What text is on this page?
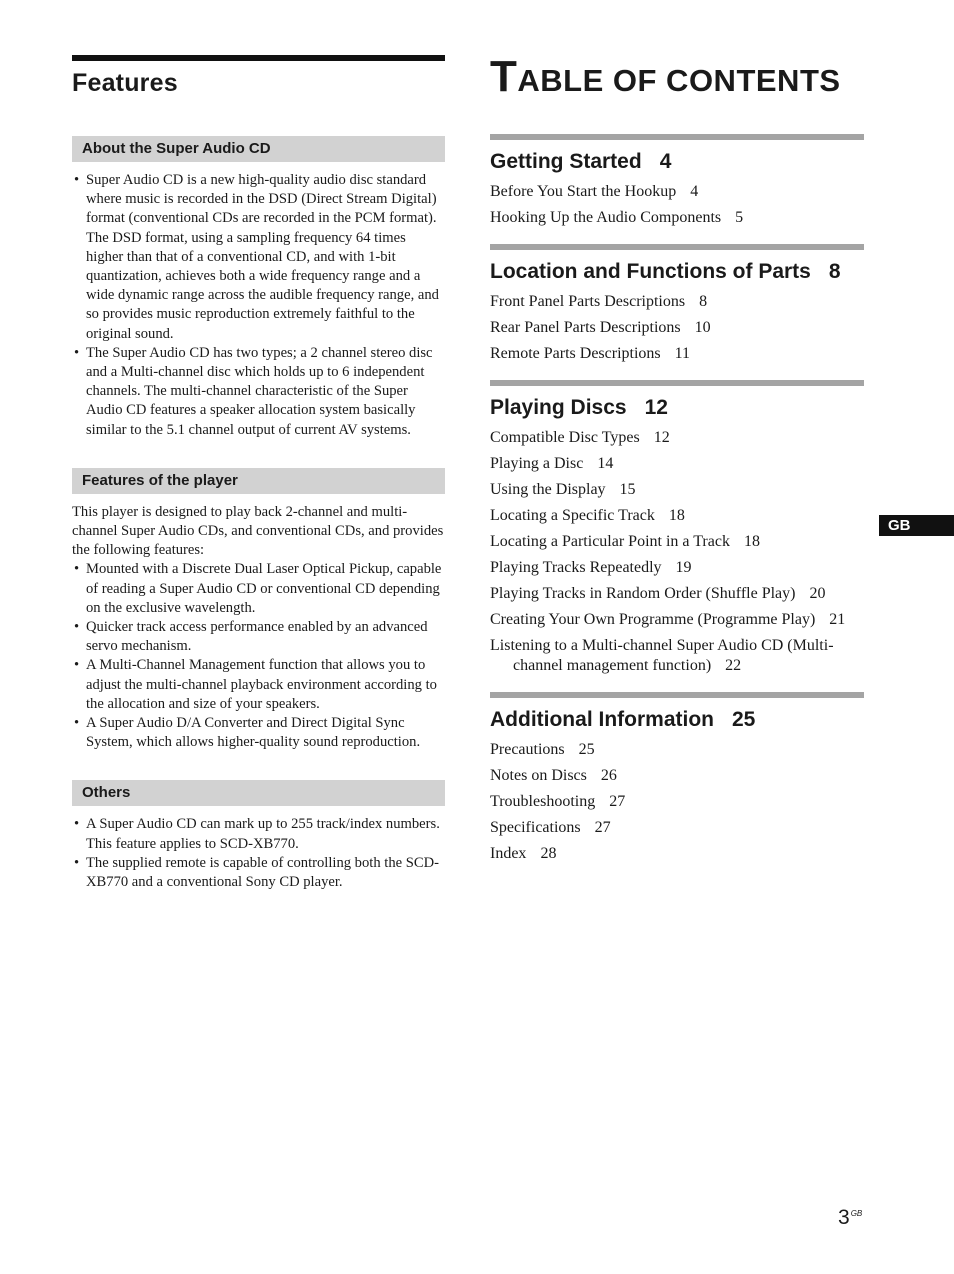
Features
About the Super Audio CD
• Super Audio CD is a new high-quality audio disc standard where music is recorded in the DSD (Direct Stream Digital) format (conventional CDs are recorded in the PCM format). The DSD format, using a sampling frequency 64 times higher than that of a conventional CD, and with 1-bit quantization, achieves both a wide frequency range and a wide dynamic range across the audible frequency range, and so provides music reproduction extremely faithful to the original sound.
• The Super Audio CD has two types; a 2 channel stereo disc and a Multi-channel disc which holds up to 6 independent channels. The multi-channel characteristic of the Super Audio CD features a speaker allocation system basically similar to the 5.1 channel output of current AV systems.
Features of the player

This player is designed to play back 2-channel and multi-channel Super Audio CDs, and conventional CDs, and provides the following features:

• Mounted with a Discrete Dual Laser Optical Pickup, capable of reading a Super Audio CD or conventional CD depending on the exclusive wavelength.
• Quicker track access performance enabled by an advanced servo mechanism.
• A Multi-Channel Management function that allows you to adjust the multi-channel playback environment according to the allocation and size of your speakers.
• A Super Audio D/A Converter and Direct Digital Sync System, which allows higher-quality sound reproduction.
Others
• A Super Audio CD can mark up to 255 track/index numbers. This feature applies to SCD-XB770.
• The supplied remote is capable of controlling both the SCD-XB770 and a conventional Sony CD player.
TABLE OF CONTENTS
Getting Started 4
Before You Start the Hookup 4
Hooking Up the Audio Components 5
Location and Functions of Parts 8
Front Panel Parts Descriptions 8
Rear Panel Parts Descriptions 10
Remote Parts Descriptions 11
Playing Discs 12
Compatible Disc Types 12
Playing a Disc 14
Using the Display 15
Locating a Specific Track 18
Locating a Particular Point in a Track 18
Playing Tracks Repeatedly 19
Playing Tracks in Random Order (Shuffle Play) 20
Creating Your Own Programme (Programme Play) 21
Listening to a Multi-channel Super Audio CD (Multi-channel management function) 22
Additional Information 25
Precautions 25
Notes on Discs 26
Troubleshooting 27
Specifications 27
Index 28
GB
$3^{GB}$
